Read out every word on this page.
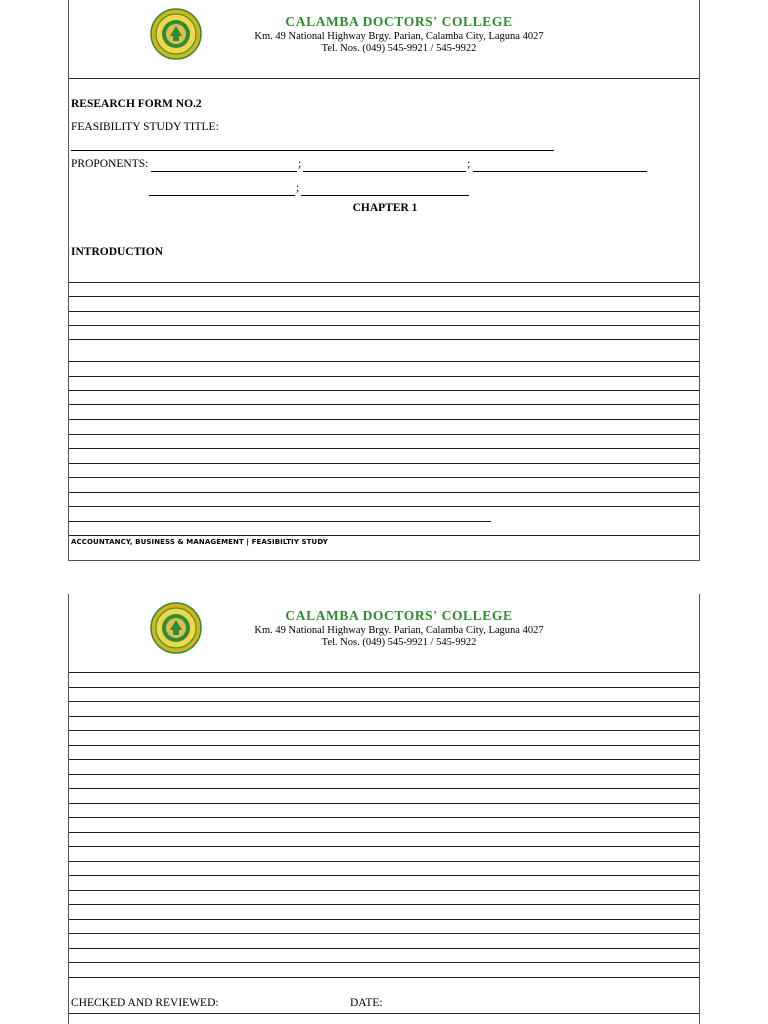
CALAMBA DOCTORS' COLLEGE
Km. 49 National Highway Brgy. Parian, Calamba City, Laguna 4027
Tel. Nos. (049) 545-9921 / 545-9922
RESEARCH FORM NO.2
FEASIBILITY STUDY TITLE:
PROPONENTS:	;	;
;
CHAPTER 1
INTRODUCTION
ACCOUNTANCY, BUSINESS & MANAGEMENT | FEASIBILTIY STUDY
CALAMBA DOCTORS' COLLEGE
Km. 49 National Highway Brgy. Parian, Calamba City, Laguna 4027
Tel. Nos. (049) 545-9921 / 545-9922
CHECKED AND REVIEWED:	DATE:
